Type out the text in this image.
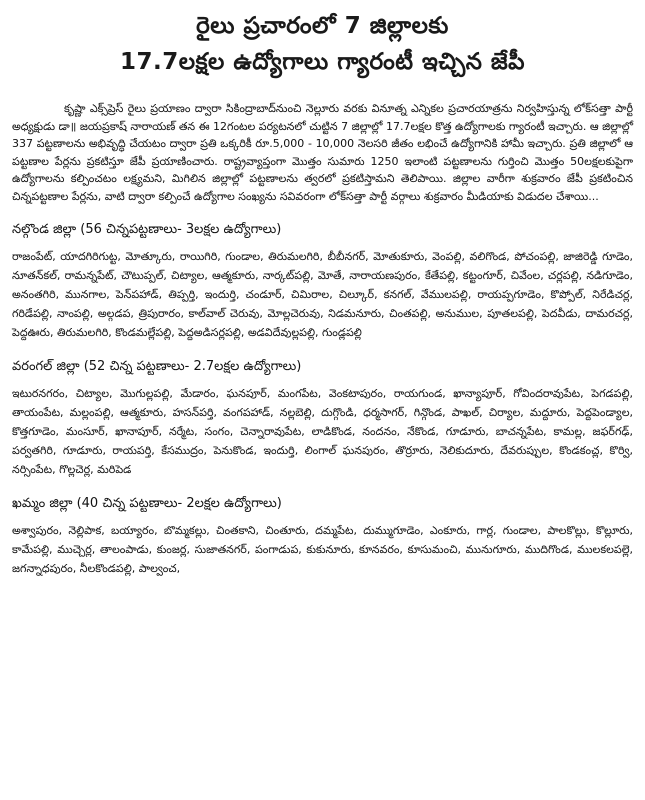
రైలు ప్రచారంలో 7 జిల్లాలకు
17.7లక్షల ఉద్యోగాలు గ్యారంటీ ఇచ్చిన జేపీ

కృష్ణా ఎక్స్‌ప్రెస్ రైలు ప్రయాణం ద్వారా సికింద్రాబాద్‌నుంచి నెల్లూరు వరకు వినూత్న ఎన్నికల ప్రచారయాత్రను నిర్వహిస్తున్న లోక్‌సత్తా పార్టీ అధ్యక్షుడు డా॥ జయప్రకాష్ నారాయణ్ తన ఈ 12గంటల పర్యటనలో చుట్టిన 7 జిల్లాల్లో 17.7లక్షల కొత్త ఉద్యోగాలకు గ్యారంటీ ఇచ్చారు. ఆ జిల్లాల్లో 337 పట్టణాలను అభివృద్ధి చేయటం ద్వారా ప్రతి ఒక్కరికీ రూ.5,000 - 10,000 నెలసరి జీతం లభించే ఉద్యోగానికి హామీ ఇచ్చారు. ప్రతి జిల్లాలో ఆ పట్టణాల పేర్లను ప్రకటిస్తూ జేపీ ప్రయాణించారు. రాష్ట్రవ్యాప్తంగా మొత్తం సుమారు 1250 ఇలాంటి పట్టణాలను గుర్తించి మొత్తం 50లక్షలకుపైగా ఉద్యోగాలను కల్పించటం లక్ష్యమని, మిగిలిన జిల్లాల్లో పట్టణాలను త్వరలో ప్రకటిస్తామని తెలిపాయి. జిల్లాల వారీగా శుక్రవారం జేపీ ప్రకటించిన చిన్నపట్టణాల పేర్లను, వాటి ద్వారా కల్పించే ఉద్యోగాల సంఖ్యను సవివరంగా లోక్‌సత్తా పార్టీ వర్గాలు శుక్రవారం మీడియాకు విడుదల చేశాయి...

నల్గొండ జిల్లా (56 చిన్నపట్టణాలు- 3లక్షల ఉద్యోగాలు)

రాజంపేట్, యాదగిరిగుట్ట, మోత్కూరు, రాయిగిరి, గుండాల, తిరుమలగిరి, బీబీనగర్, మోతుకూరు, వెంపల్లి, వలిగొండ, పోచంపల్లి, జాజిరెడ్డి గూడెం, నూతన్‌కల్, రామన్నపేట్, చౌటుప్పల్, చిట్యాల, ఆత్మకూరు, నార్కట్‌పల్లి, మోతే, నారాయణపురం, కేతేపల్లి, కట్టంగూర్, చివేంల, చర్లపల్లి, నడిగూడెం, అనంతగిరి, మునగాల, పెన్‌పహాడ్, తిప్పర్తి, ఇందుర్తి, చండూర్, చిమిరాల, చిల్కూర్, కనగల్, వేములపల్లి, రాయప్పగూడెం, కొప్పోల్, నిరేడిచర్ల, గరిడేపల్లి, నాంపల్లి, అల్గడప, త్రిపురారం, కాల్‌వాల్ చెరువు, మోల్లచెరువు, నిడమనూరు, చింతపల్లి, అనుముల, పూతలపల్లి, పెదవీడు, దామరచర్ల, పెద్దఊరు, తిరుమలగిరి, కొండమల్లేపల్లి, పెద్దఅడిసర్లపల్లి, అడవిదేవుల్లపల్లి, గుండ్లపల్లి

వరంగల్ జిల్లా (52 చిన్న పట్టణాలు- 2.7లక్షల ఉద్యోగాలు)

ఇటురనగరం, చిట్యాల, మొగుల్లపల్లి, మేడారం, ఘనపూర్, మంగపేట, వెంకటాపురం, రాయగుండ, ఖాన్యాపూర్, గోవిందరావుపేట, పెగడపల్లి, తాయంపేట, మల్లంపల్లి, ఆత్మకూరు, హసన్‌పర్తి, వంగపహాడ్, నల్లబెల్లి, దుగ్గొండి, ధర్మసాగర్, గిన్గొండ, పాఖల్, చిర్యాల, మద్దూరు, పెద్దపెండ్యాల, కొత్తగూడెం, మంసూర్, ఖానాపూర్, నర్మేట, సంగం, చెన్నారావుపేట, లాడికొండ, నందనం, నేకొండ, గూడూరు, బాచన్నపేట, కామల్ల, జఫర్‌గఢ్, పర్వతగిరి, గూడూరు, రాయపర్తి, కేసముద్రం, పెనుకొండ, ఇందుర్తి, లింగాల్ ఘనపురం, తొర్రూరు, నెలికుదూరు, దేవరుప్పుల, కొండకంచ్ల, కొర్వి, నర్సింపేట, గొల్లచెర్ల, మరిపెడ

ఖమ్మం జిల్లా (40 చిన్న పట్టణాలు- 2లక్షల ఉద్యోగాలు)

అశ్వాపురం, నెల్లిపాక, బయ్యారం, బొమ్మకల్లు, చింతకాని, చింతూరు, దమ్మపేట, దుమ్ముగూడెం, ఎంకూరు, గార్ల, గుండాల, పాలకొల్లు, కొల్లూరు, కామేపల్లి, ముచ్చెర్ల, తాలంపాడు, కుంజర్ల, సుజాతనగర్, పంగాడుప, కుకునూరు, కూనవరం, కూసుమంచి, మునుగూరు, ముదిగొండ, ములకలపల్లె, జగన్నాధపురం, నీలకొండపల్లి, పాల్వంచ,
